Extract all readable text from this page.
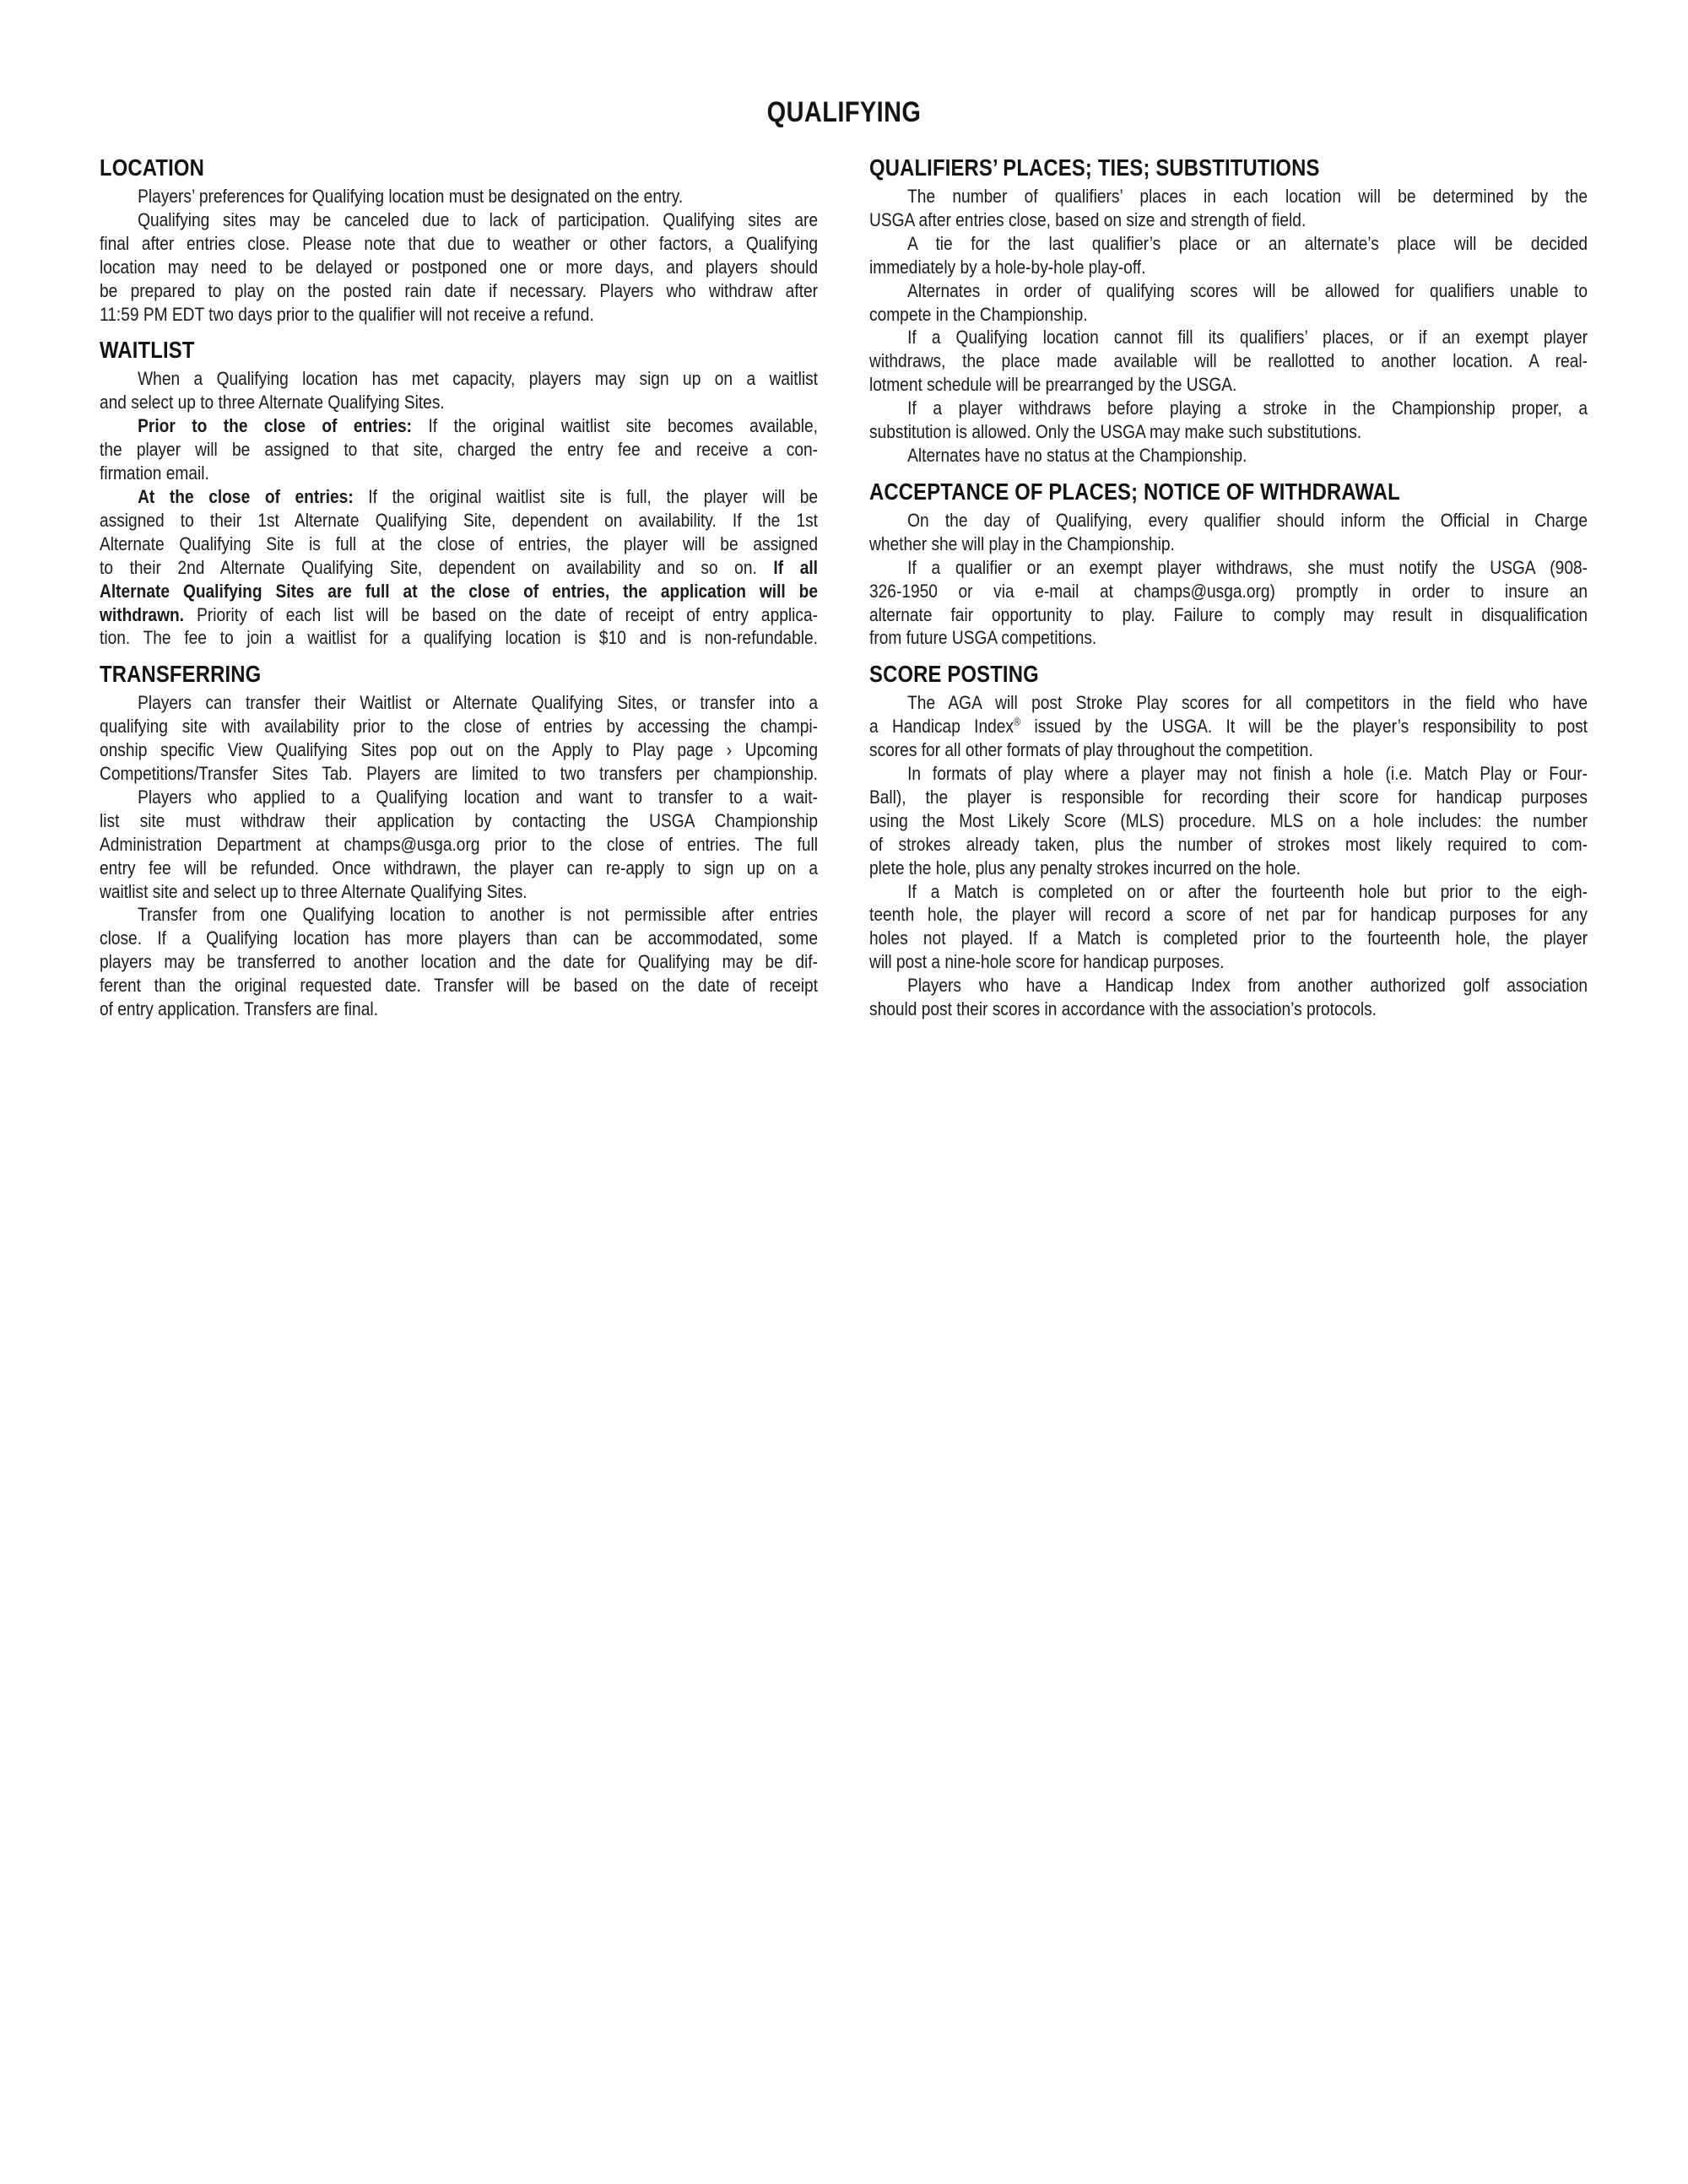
QUALIFYING
LOCATION
Players’ preferences for Qualifying location must be designated on the entry.
Qualifying sites may be canceled due to lack of participation. Qualifying sites are
final after entries close. Please note that due to weather or other factors, a Qualifying
location may need to be delayed or postponed one or more days, and players should
be prepared to play on the posted rain date if necessary. Players who withdraw after
11:59 PM EDT two days prior to the qualifier will not receive a refund.
WAITLIST
When a Qualifying location has met capacity, players may sign up on a waitlist
and select up to three Alternate Qualifying Sites.
Prior to the close of entries: If the original waitlist site becomes available,
the player will be assigned to that site, charged the entry fee and receive a con-
firmation email.
At the close of entries: If the original waitlist site is full, the player will be
assigned to their 1st Alternate Qualifying Site, dependent on availability. If the 1st
Alternate Qualifying Site is full at the close of entries, the player will be assigned
to their 2nd Alternate Qualifying Site, dependent on availability and so on. If all
Alternate Qualifying Sites are full at the close of entries, the application will be
withdrawn. Priority of each list will be based on the date of receipt of entry applica-
tion. The fee to join a waitlist for a qualifying location is $10 and is non-refundable.
TRANSFERRING
Players can transfer their Waitlist or Alternate Qualifying Sites, or transfer into a
qualifying site with availability prior to the close of entries by accessing the champi-
onship specific View Qualifying Sites pop out on the Apply to Play page › Upcoming
Competitions/Transfer Sites Tab. Players are limited to two transfers per championship.
Players who applied to a Qualifying location and want to transfer to a wait-
list site must withdraw their application by contacting the USGA Championship
Administration Department at champs@usga.org prior to the close of entries. The full
entry fee will be refunded. Once withdrawn, the player can re-apply to sign up on a
waitlist site and select up to three Alternate Qualifying Sites.
Transfer from one Qualifying location to another is not permissible after entries
close. If a Qualifying location has more players than can be accommodated, some
players may be transferred to another location and the date for Qualifying may be dif-
ferent than the original requested date. Transfer will be based on the date of receipt
of entry application. Transfers are final.
QUALIFIERS’ PLACES; TIES; SUBSTITUTIONS
The number of qualifiers’ places in each location will be determined by the
USGA after entries close, based on size and strength of field.
A tie for the last qualifier’s place or an alternate’s place will be decided
immediately by a hole-by-hole play-off.
Alternates in order of qualifying scores will be allowed for qualifiers unable to
compete in the Championship.
If a Qualifying location cannot fill its qualifiers’ places, or if an exempt player
withdraws, the place made available will be reallotted to another location. A real-
lotment schedule will be prearranged by the USGA.
If a player withdraws before playing a stroke in the Championship proper, a
substitution is allowed. Only the USGA may make such substitutions.
Alternates have no status at the Championship.
ACCEPTANCE OF PLACES; NOTICE OF WITHDRAWAL
On the day of Qualifying, every qualifier should inform the Official in Charge
whether she will play in the Championship.
If a qualifier or an exempt player withdraws, she must notify the USGA (908-
326-1950 or via e-mail at champs@usga.org) promptly in order to insure an
alternate fair opportunity to play. Failure to comply may result in disqualification
from future USGA competitions.
SCORE POSTING
The AGA will post Stroke Play scores for all competitors in the field who have
a Handicap Index® issued by the USGA. It will be the player’s responsibility to post
scores for all other formats of play throughout the competition.
In formats of play where a player may not finish a hole (i.e. Match Play or Four-
Ball), the player is responsible for recording their score for handicap purposes
using the Most Likely Score (MLS) procedure. MLS on a hole includes: the number
of strokes already taken, plus the number of strokes most likely required to com-
plete the hole, plus any penalty strokes incurred on the hole.
If a Match is completed on or after the fourteenth hole but prior to the eigh-
teenth hole, the player will record a score of net par for handicap purposes for any
holes not played. If a Match is completed prior to the fourteenth hole, the player
will post a nine-hole score for handicap purposes.
Players who have a Handicap Index from another authorized golf association
should post their scores in accordance with the association’s protocols.
